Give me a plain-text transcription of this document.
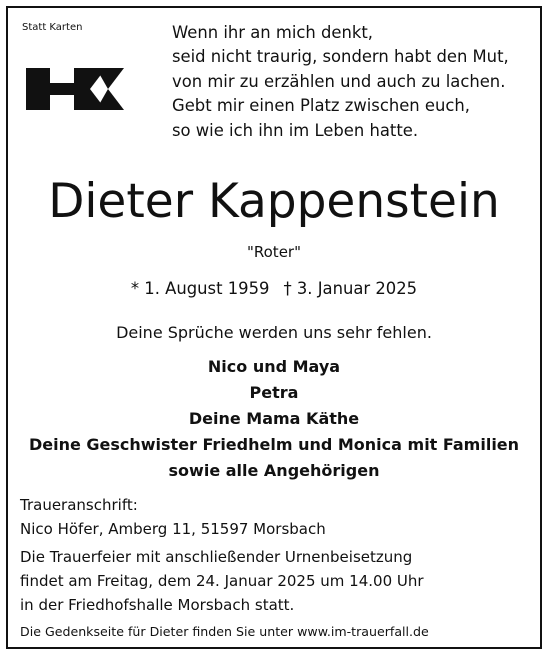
Statt Karten	Wenn ihr an mich denkt,
seid nicht traurig, sondern habt den Mut,
von mir zu erzählen und auch zu lachen.
Gebt mir einen Platz zwischen euch,
so wie ich ihn im Leben hatte.
Dieter Kappenstein
"Roter"
* 1. August 1959 † 3. Januar 2025
Deine Sprüche werden uns sehr fehlen.
Nico und Maya
Petra
Deine Mama Käthe
Deine Geschwister Friedhelm und Monica mit Familien
sowie alle Angehörigen
Traueranschrift:
Nico Höfer, Amberg 11, 51597 Morsbach
Die Trauerfeier mit anschließender Urnenbeisetzung
findet am Freitag, dem 24. Januar 2025 um 14.00 Uhr
in der Friedhofshalle Morsbach statt.
Die Gedenkseite für Dieter finden Sie unter www.im-trauerfall.de
